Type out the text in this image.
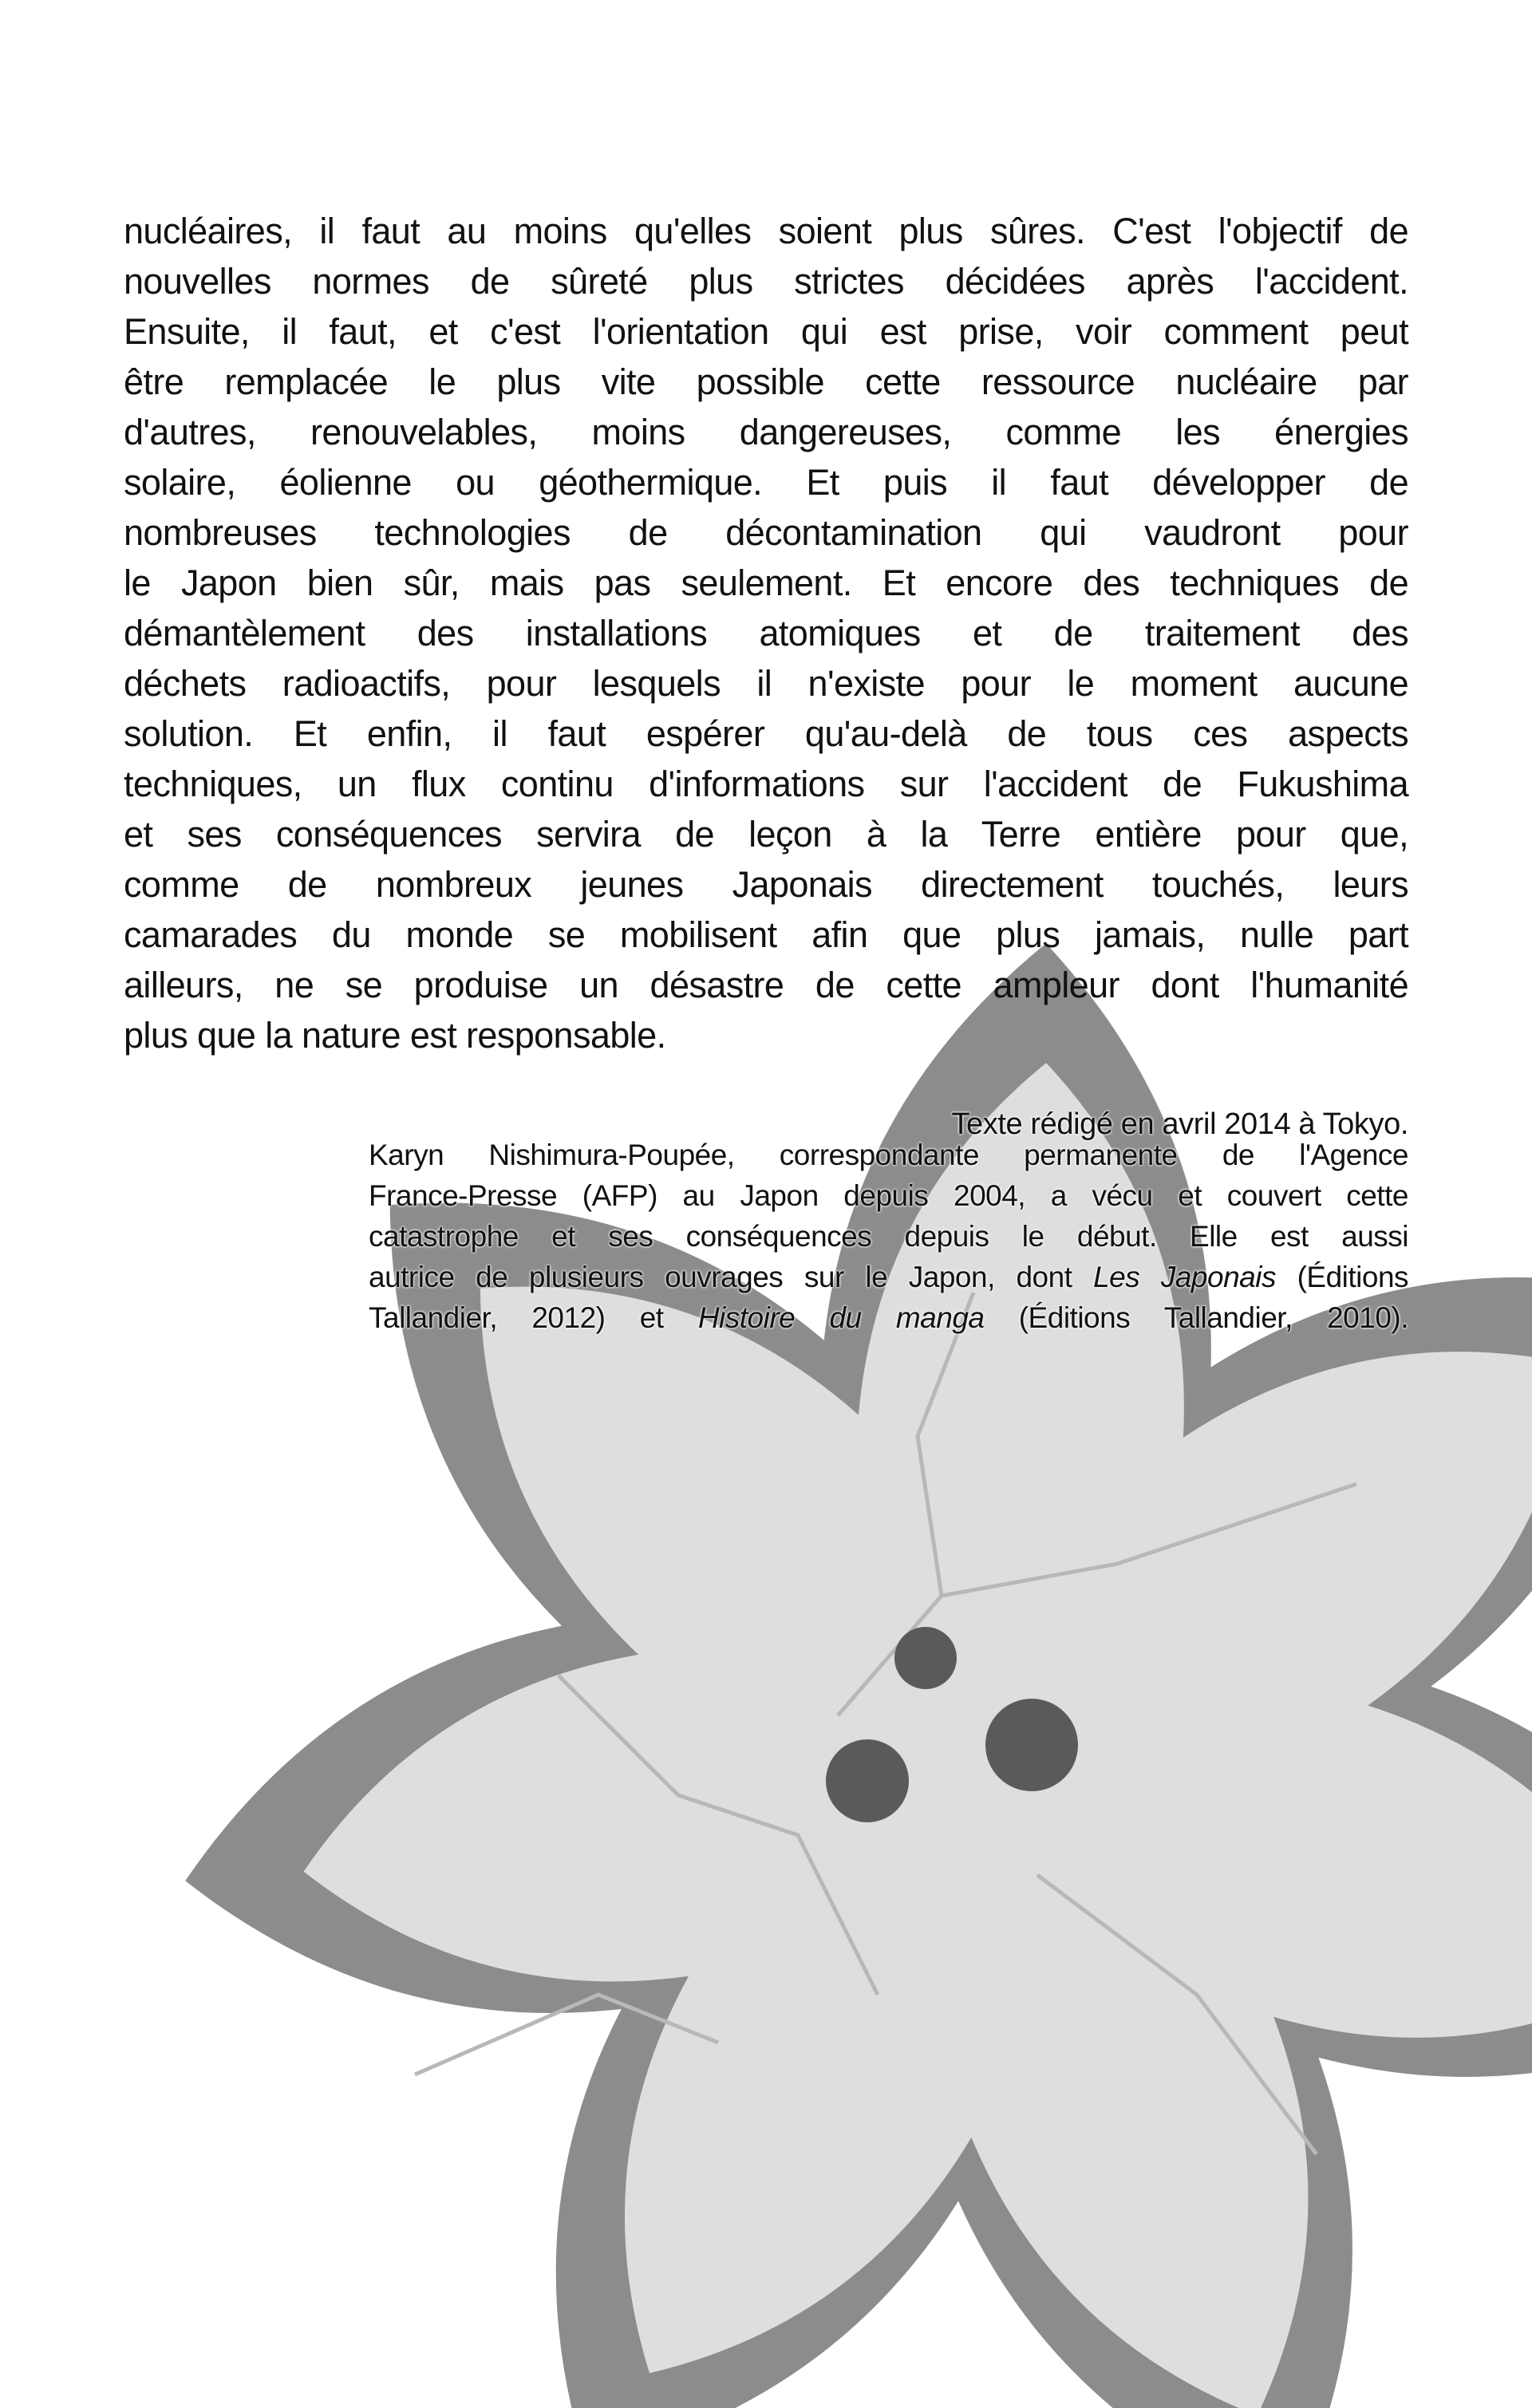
nucléaires, il faut au moins qu'elles soient plus sûres. C'est l'objectif de
nouvelles normes de sûreté plus strictes décidées après l'accident.
Ensuite, il faut, et c'est l'orientation qui est prise, voir comment peut
être remplacée le plus vite possible cette ressource nucléaire par
d'autres, renouvelables, moins dangereuses, comme les énergies
solaire, éolienne ou géothermique. Et puis il faut développer de
nombreuses technologies de décontamination qui vaudront pour
le Japon bien sûr, mais pas seulement. Et encore des techniques de
démantèlement des installations atomiques et de traitement des
déchets radioactifs, pour lesquels il n'existe pour le moment aucune
solution. Et enfin, il faut espérer qu'au-delà de tous ces aspects
techniques, un flux continu d'informations sur l'accident de Fukushima
et ses conséquences servira de leçon à la Terre entière pour que,
comme de nombreux jeunes Japonais directement touchés, leurs
camarades du monde se mobilisent afin que plus jamais, nulle part
ailleurs, ne se produise un désastre de cette ampleur dont l'humanité
plus que la nature est responsable.
Texte rédigé en avril 2014 à Tokyo.
Karyn Nishimura-Poupée, correspondante permanente de l'Agence
France-Presse (AFP) au Japon depuis 2004, a vécu et couvert cette
catastrophe et ses conséquences depuis le début. Elle est aussi
autrice de plusieurs ouvrages sur le Japon, dont Les Japonais (Éditions
Tallandier, 2012) et Histoire du manga (Éditions Tallandier, 2010).
